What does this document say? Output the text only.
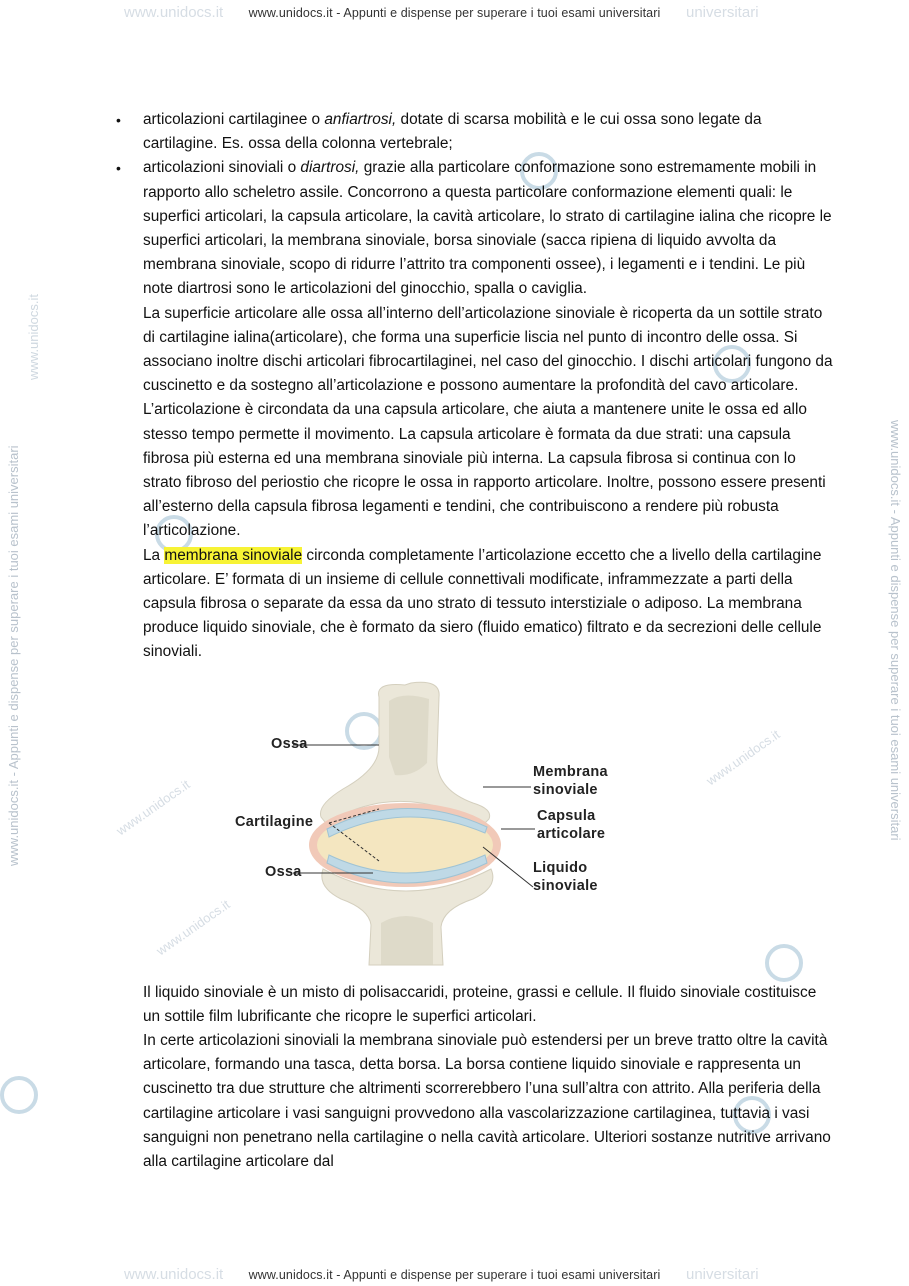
www.unidocs.it	universitari
www.unidocs.it - Appunti e dispense per superare i tuoi esami universitari
www.unidocs.it	universitari
www.unidocs.it - Appunti e dispense per superare i tuoi esami universitari
www.unidocs.it - Appunti e dispense per superare i tuoi esami universitari	www.unidocs.it - Appunti e dispense per superare i tuoi esami universitari
www.unidocs.it
www.unidocs.it
www.unidocs.it
www.unidocs.it
• articolazioni cartilaginee o anfiartrosi, dotate di scarsa mobilità e le cui ossa sono legate da cartilagine. Es. ossa della colonna vertebrale;
• articolazioni sinoviali o diartrosi, grazie alla particolare conformazione sono estremamente mobili in rapporto allo scheletro assile. Concorrono a questa particolare conformazione elementi quali: le superfici articolari, la capsula articolare, la cavità articolare, lo strato di cartilagine ialina che ricopre le superfici articolari, la membrana sinoviale, borsa sinoviale (sacca ripiena di liquido avvolta da membrana sinoviale, scopo di ridurre l’attrito tra componenti ossee), i legamenti e i tendini. Le più note diartrosi sono le articolazioni del ginocchio, spalla o caviglia.

La superficie articolare alle ossa all’interno dell’articolazione sinoviale è ricoperta da un sottile strato di cartilagine ialina(articolare), che forma una superficie liscia nel punto di incontro delle ossa. Si associano inoltre dischi articolari fibrocartilaginei, nel caso del ginocchio. I dischi articolari fungono da cuscinetto e da sostegno all’articolazione e possono aumentare la profondità del cavo articolare.

L’articolazione è circondata da una capsula articolare, che aiuta a mantenere unite le ossa ed allo stesso tempo permette il movimento. La capsula articolare è formata da due strati: una capsula fibrosa più esterna ed una membrana sinoviale più interna. La capsula fibrosa si continua con lo strato fibroso del periostio che ricopre le ossa in rapporto articolare. Inoltre, possono essere presenti all’esterno della capsula fibrosa legamenti e tendini, che contribuiscono a rendere più robusta l’articolazione.

La membrana sinoviale circonda completamente l’articolazione eccetto che a livello della cartilagine articolare. E’ formata di un insieme di cellule connettivali modificate, inframmezzate a parti della capsula fibrosa o separate da essa da uno strato di tessuto interstiziale o adiposo. La membrana produce liquido sinoviale, che è formato da siero (fluido ematico) filtrato e da secrezioni delle cellule sinoviali.

Ossa
Cartilagine
Ossa
Membrana
sinoviale
Capsula
articolare
Liquido
sinoviale

Il liquido sinoviale è un misto di polisaccaridi, proteine, grassi e cellule. Il fluido sinoviale costituisce un sottile film lubrificante che ricopre le superfici articolari.

In certe articolazioni sinoviali la membrana sinoviale può estendersi per un breve tratto oltre la cavità articolare, formando una tasca, detta borsa. La borsa contiene liquido sinoviale e rappresenta un cuscinetto tra due strutture che altrimenti scorrerebbero l’una sull’altra con attrito. Alla periferia della cartilagine articolare i vasi sanguigni provvedono alla vascolarizzazione cartilaginea, tuttavia i vasi sanguigni non penetrano nella cartilagine o nella cavità articolare. Ulteriori sostanze nutritive arrivano alla cartilagine articolare dal
